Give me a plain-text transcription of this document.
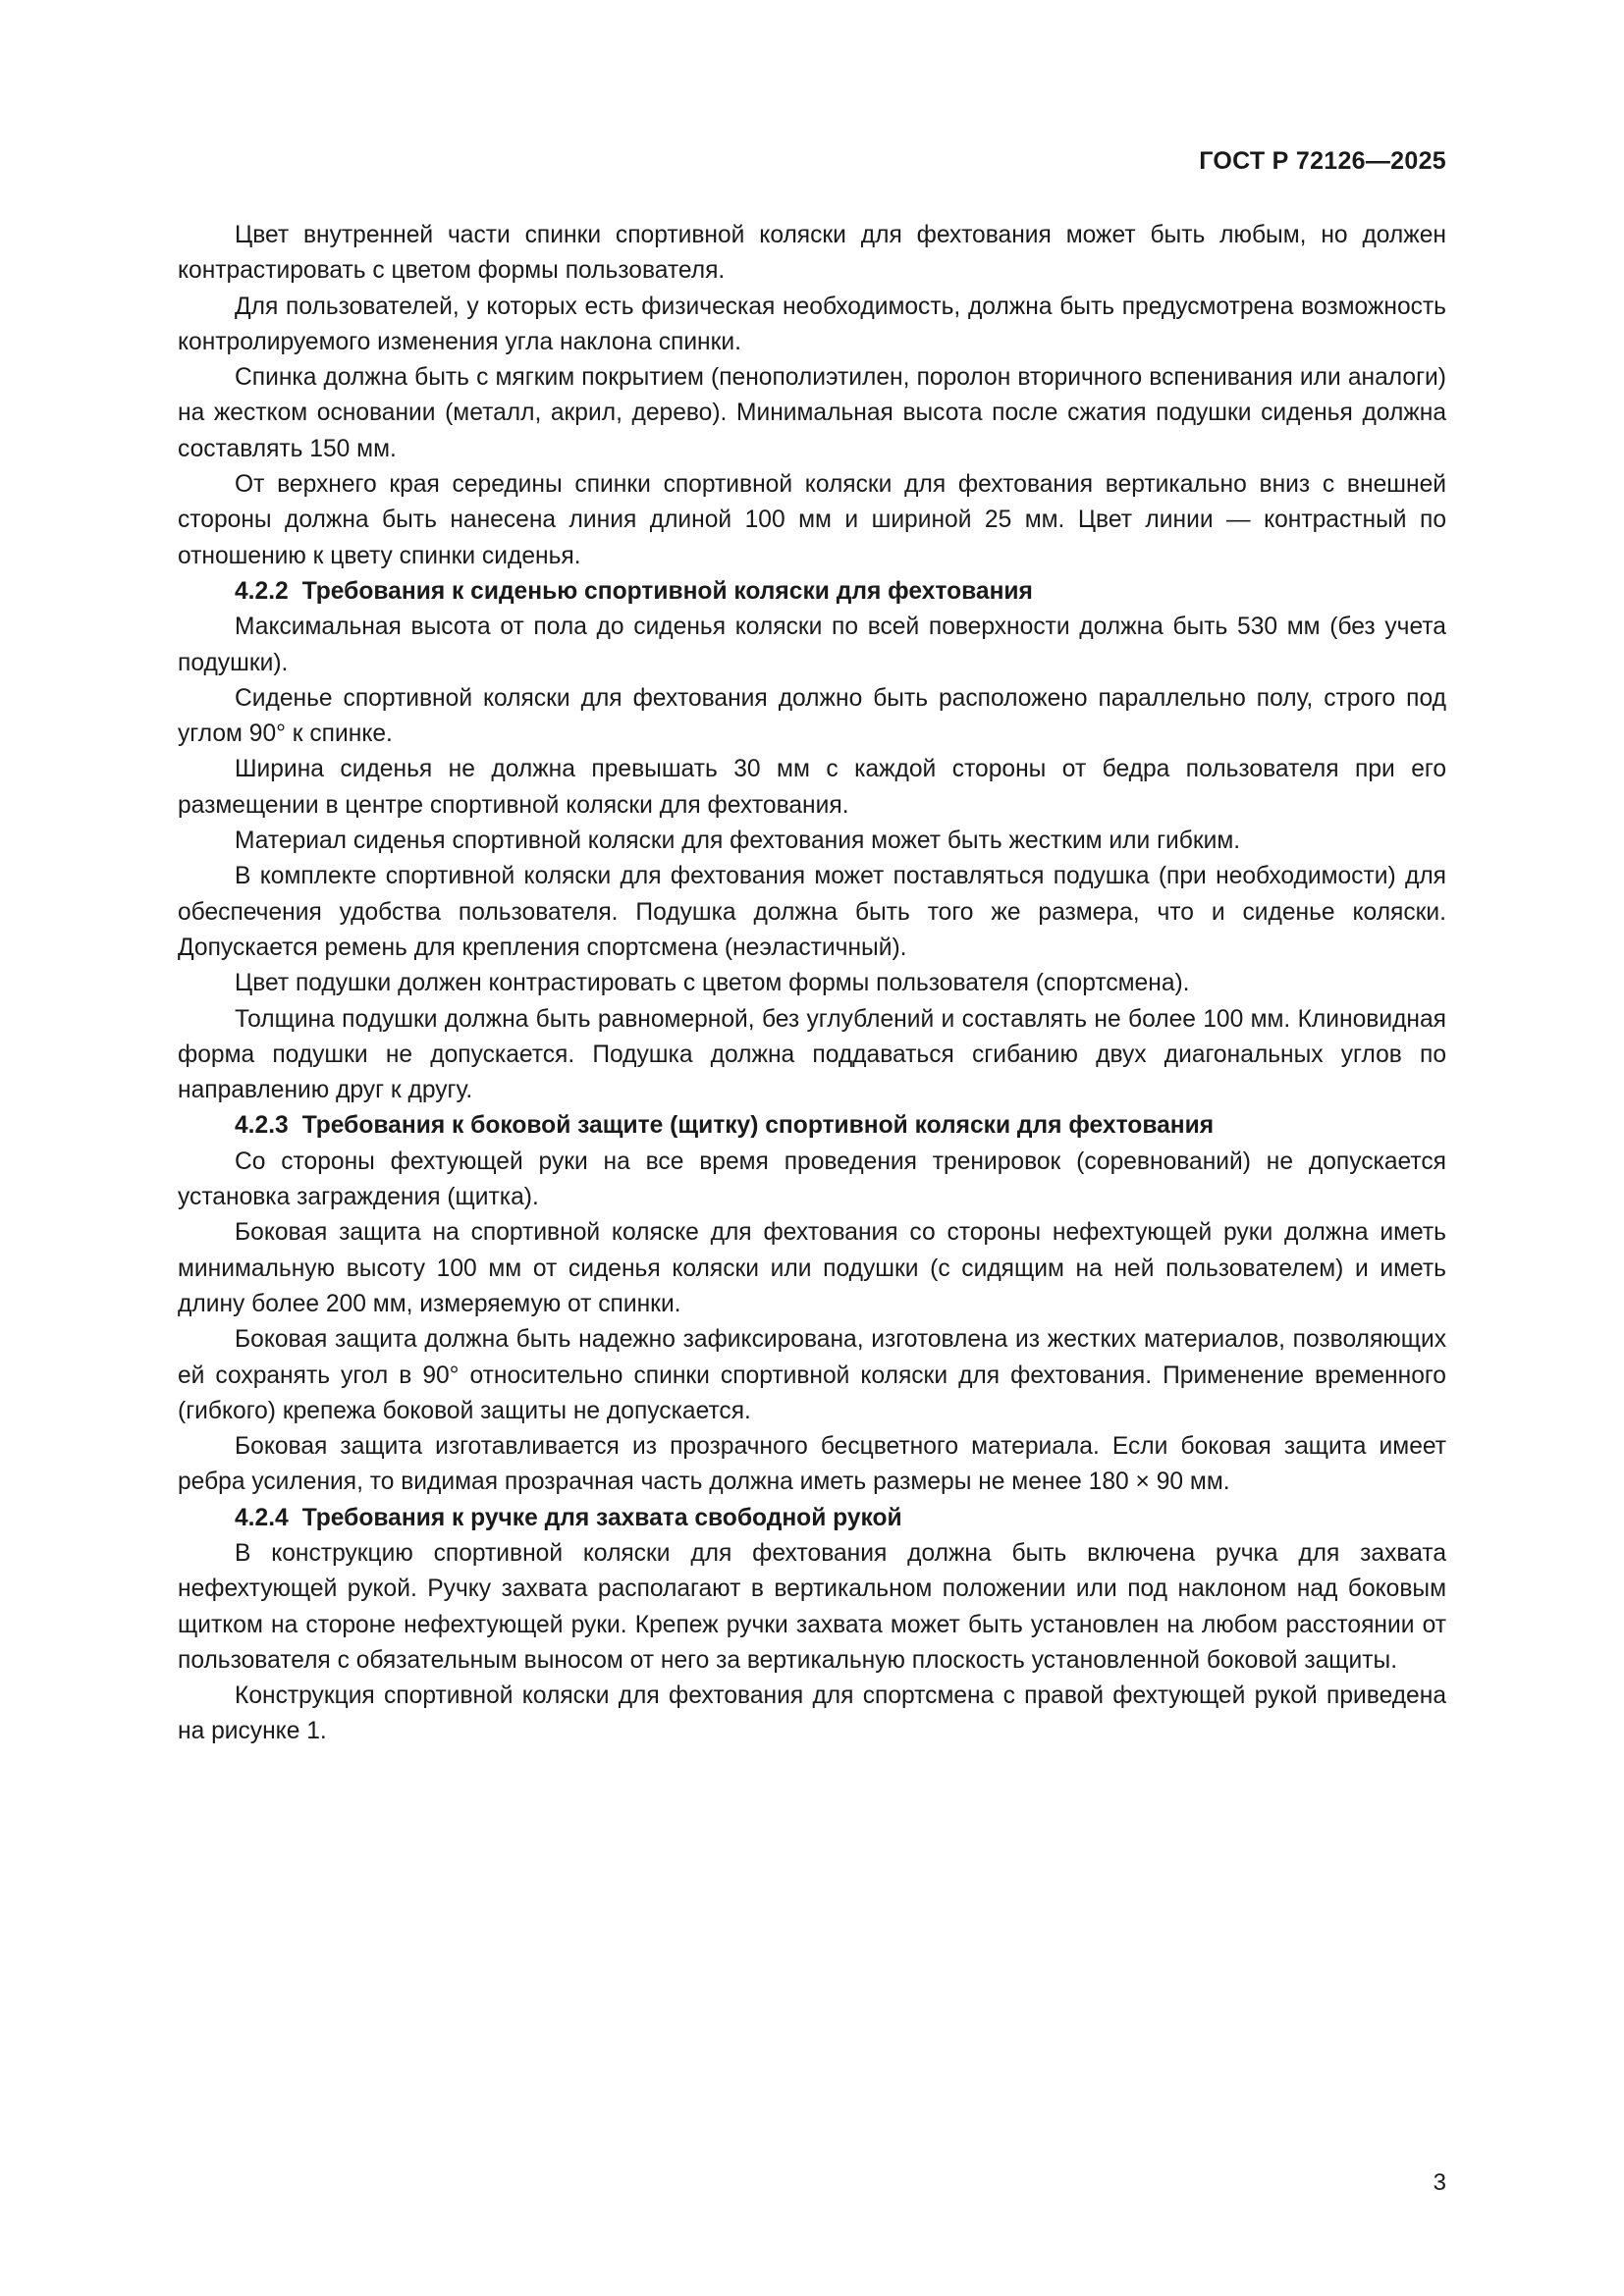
ГОСТ Р 72126—2025

Цвет внутренней части спинки спортивной коляски для фехтования может быть любым, но должен контрастировать с цветом формы пользователя.

Для пользователей, у которых есть физическая необходимость, должна быть предусмотрена возможность контролируемого изменения угла наклона спинки.

Спинка должна быть с мягким покрытием (пенополиэтилен, поролон вторичного вспенивания или аналоги) на жестком основании (металл, акрил, дерево). Минимальная высота после сжатия подушки сиденья должна составлять 150 мм.

От верхнего края середины спинки спортивной коляски для фехтования вертикально вниз с внешней стороны должна быть нанесена линия длиной 100 мм и шириной 25 мм. Цвет линии — контрастный по отношению к цвету спинки сиденья.

4.2.2 Требования к сиденью спортивной коляски для фехтования

Максимальная высота от пола до сиденья коляски по всей поверхности должна быть 530 мм (без учета подушки).

Сиденье спортивной коляски для фехтования должно быть расположено параллельно полу, строго под углом 90° к спинке.

Ширина сиденья не должна превышать 30 мм с каждой стороны от бедра пользователя при его размещении в центре спортивной коляски для фехтования.

Материал сиденья спортивной коляски для фехтования может быть жестким или гибким.

В комплекте спортивной коляски для фехтования может поставляться подушка (при необходимости) для обеспечения удобства пользователя. Подушка должна быть того же размера, что и сиденье коляски. Допускается ремень для крепления спортсмена (неэластичный).

Цвет подушки должен контрастировать с цветом формы пользователя (спортсмена).

Толщина подушки должна быть равномерной, без углублений и составлять не более 100 мм. Клиновидная форма подушки не допускается. Подушка должна поддаваться сгибанию двух диагональных углов по направлению друг к другу.

4.2.3 Требования к боковой защите (щитку) спортивной коляски для фехтования

Со стороны фехтующей руки на все время проведения тренировок (соревнований) не допускается установка заграждения (щитка).

Боковая защита на спортивной коляске для фехтования со стороны нефехтующей руки должна иметь минимальную высоту 100 мм от сиденья коляски или подушки (с сидящим на ней пользователем) и иметь длину более 200 мм, измеряемую от спинки.

Боковая защита должна быть надежно зафиксирована, изготовлена из жестких материалов, позволяющих ей сохранять угол в 90° относительно спинки спортивной коляски для фехтования. Применение временного (гибкого) крепежа боковой защиты не допускается.

Боковая защита изготавливается из прозрачного бесцветного материала. Если боковая защита имеет ребра усиления, то видимая прозрачная часть должна иметь размеры не менее 180 × 90 мм.

4.2.4 Требования к ручке для захвата свободной рукой

В конструкцию спортивной коляски для фехтования должна быть включена ручка для захвата нефехтующей рукой. Ручку захвата располагают в вертикальном положении или под наклоном над боковым щитком на стороне нефехтующей руки. Крепеж ручки захвата может быть установлен на любом расстоянии от пользователя с обязательным выносом от него за вертикальную плоскость установленной боковой защиты.

Конструкция спортивной коляски для фехтования для спортсмена с правой фехтующей рукой приведена на рисунке 1.

3
